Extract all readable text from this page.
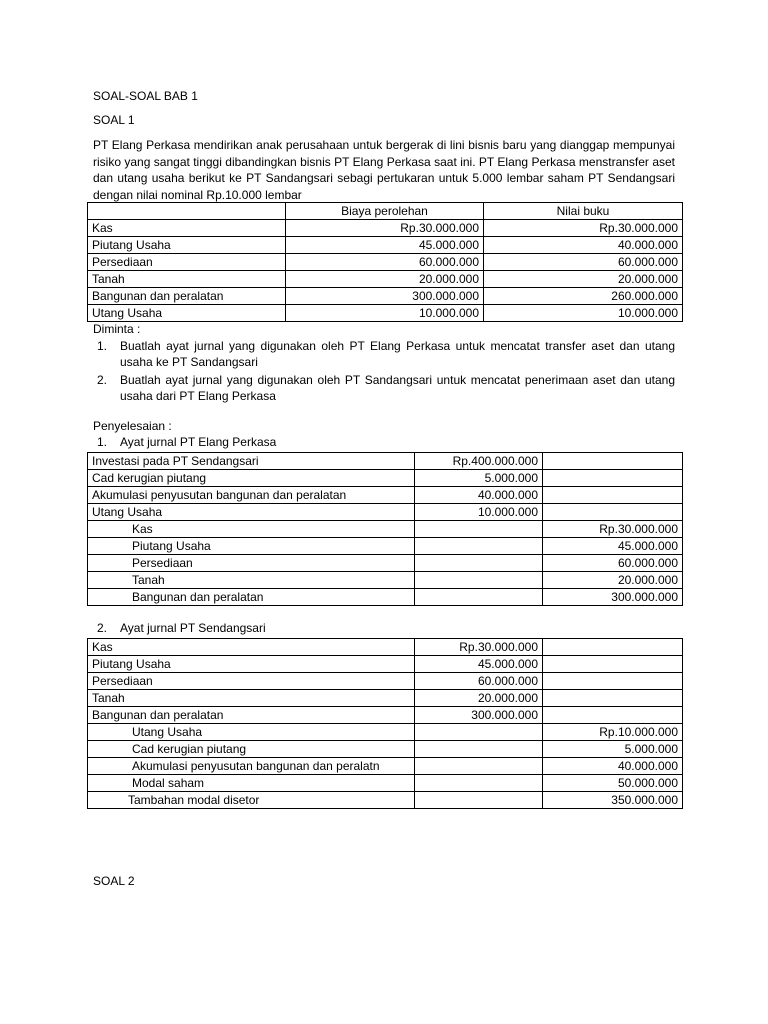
SOAL-SOAL BAB 1
SOAL 1
PT Elang Perkasa mendirikan anak perusahaan untuk bergerak di lini bisnis baru yang dianggap mempunyai risiko yang sangat tinggi dibandingkan bisnis PT Elang Perkasa saat ini. PT Elang Perkasa menstransfer aset dan utang usaha berikut ke PT Sandangsari sebagi pertukaran untuk 5.000 lembar saham PT Sendangsari dengan nilai nominal Rp.10.000 lembar
	Biaya perolehan	Nilai buku
Kas	Rp.30.000.000	Rp.30.000.000
Piutang Usaha	45.000.000	40.000.000
Persediaan	60.000.000	60.000.000
Tanah	20.000.000	20.000.000
Bangunan dan peralatan	300.000.000	260.000.000
Utang Usaha	10.000.000	10.000.000
Diminta :
1. Buatlah ayat jurnal yang digunakan oleh PT Elang Perkasa untuk mencatat transfer aset dan utang usaha ke PT Sandangsari
2. Buatlah ayat jurnal yang digunakan oleh PT Sandangsari untuk mencatat penerimaan aset dan utang usaha dari PT Elang Perkasa
Penyelesaian :
1. Ayat jurnal PT Elang Perkasa
Investasi pada PT Sendangsari	Rp.400.000.000	
Cad kerugian piutang	5.000.000	
Akumulasi penyusutan bangunan dan peralatan	40.000.000	
Utang Usaha	10.000.000	
Kas		Rp.30.000.000
Piutang Usaha		45.000.000
Persediaan		60.000.000
Tanah		20.000.000
Bangunan dan peralatan		300.000.000
2. Ayat jurnal PT Sendangsari
Kas	Rp.30.000.000	
Piutang Usaha	45.000.000	
Persediaan	60.000.000	
Tanah	20.000.000	
Bangunan dan peralatan	300.000.000	
Utang Usaha		Rp.10.000.000
Cad kerugian piutang		5.000.000
Akumulasi penyusutan bangunan dan peralatn		40.000.000
Modal saham		50.000.000
Tambahan modal disetor		350.000.000
SOAL 2
